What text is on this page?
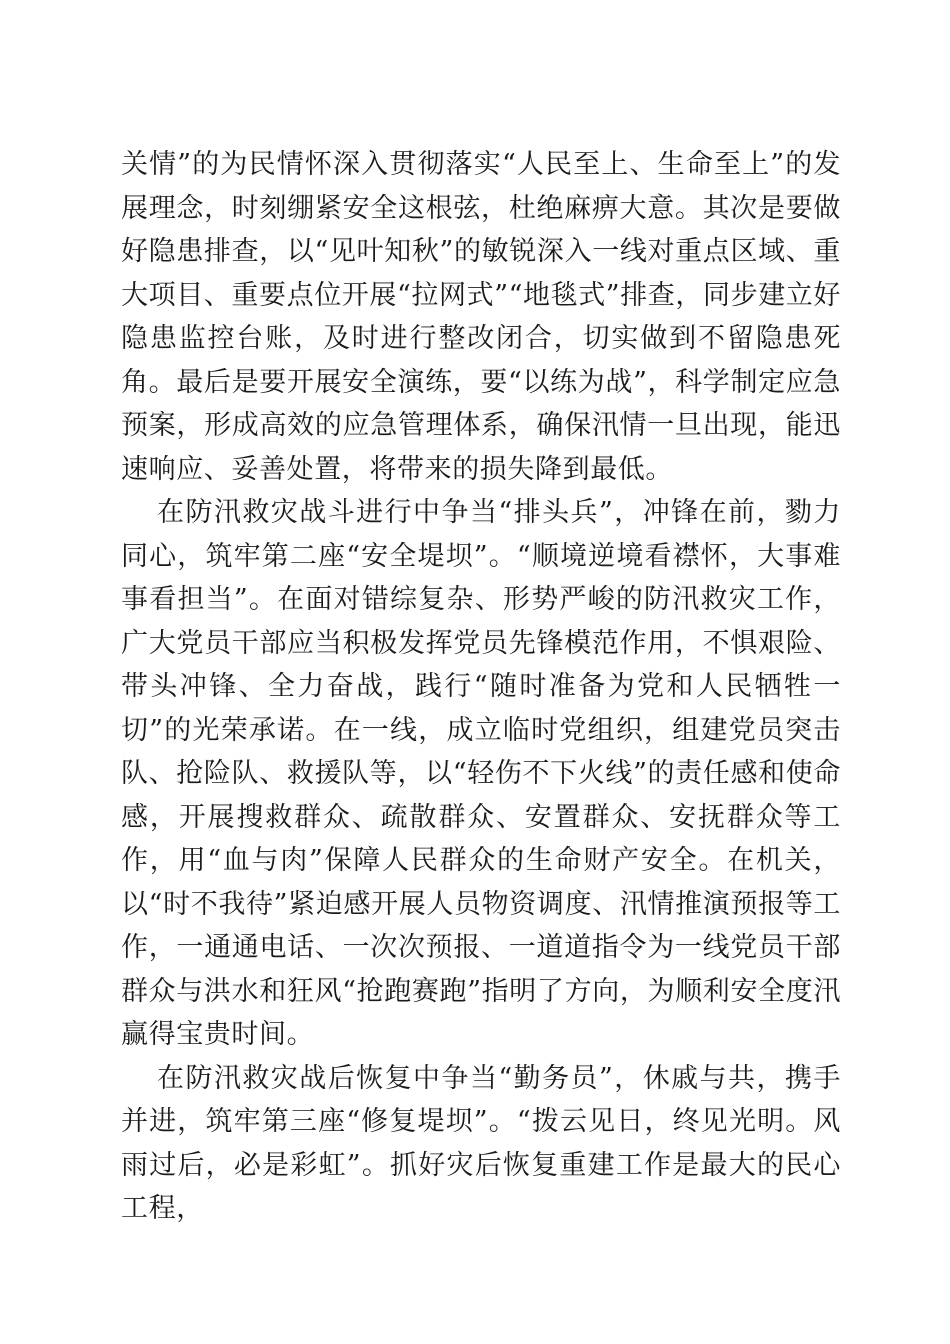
关情”的为民情怀深入贯彻落实“人民至上、生命至上”的发展理念，时刻绷紧安全这根弦，杜绝麻痹大意。其次是要做好隐患排查，以“见叶知秋”的敏锐深入一线对重点区域、重大项目、重要点位开展“拉网式”“地毯式”排查，同步建立好隐患监控台账，及时进行整改闭合，切实做到不留隐患死角。最后是要开展安全演练，要“以练为战”，科学制定应急预案，形成高效的应急管理体系，确保汛情一旦出现，能迅速响应、妥善处置，将带来的损失降到最低。

在防汛救灾战斗进行中争当“排头兵”，冲锋在前，勠力同心，筑牢第二座“安全堤坝”。“顺境逆境看襟怀，大事难事看担当”。在面对错综复杂、形势严峻的防汛救灾工作，广大党员干部应当积极发挥党员先锋模范作用，不惧艰险、带头冲锋、全力奋战，践行“随时准备为党和人民牺牲一切”的光荣承诺。在一线，成立临时党组织，组建党员突击队、抢险队、救援队等，以“轻伤不下火线”的责任感和使命感，开展搜救群众、疏散群众、安置群众、安抚群众等工作，用“血与肉”保障人民群众的生命财产安全。在机关，以“时不我待”紧迫感开展人员物资调度、汛情推演预报等工作，一通通电话、一次次预报、一道道指令为一线党员干部群众与洪水和狂风“抢跑赛跑”指明了方向，为顺利安全度汛赢得宝贵时间。

在防汛救灾战后恢复中争当“勤务员”，休戚与共，携手并进，筑牢第三座“修复堤坝”。“拨云见日，终见光明。风雨过后，必是彩虹”。抓好灾后恢复重建工作是最大的民心工程，
